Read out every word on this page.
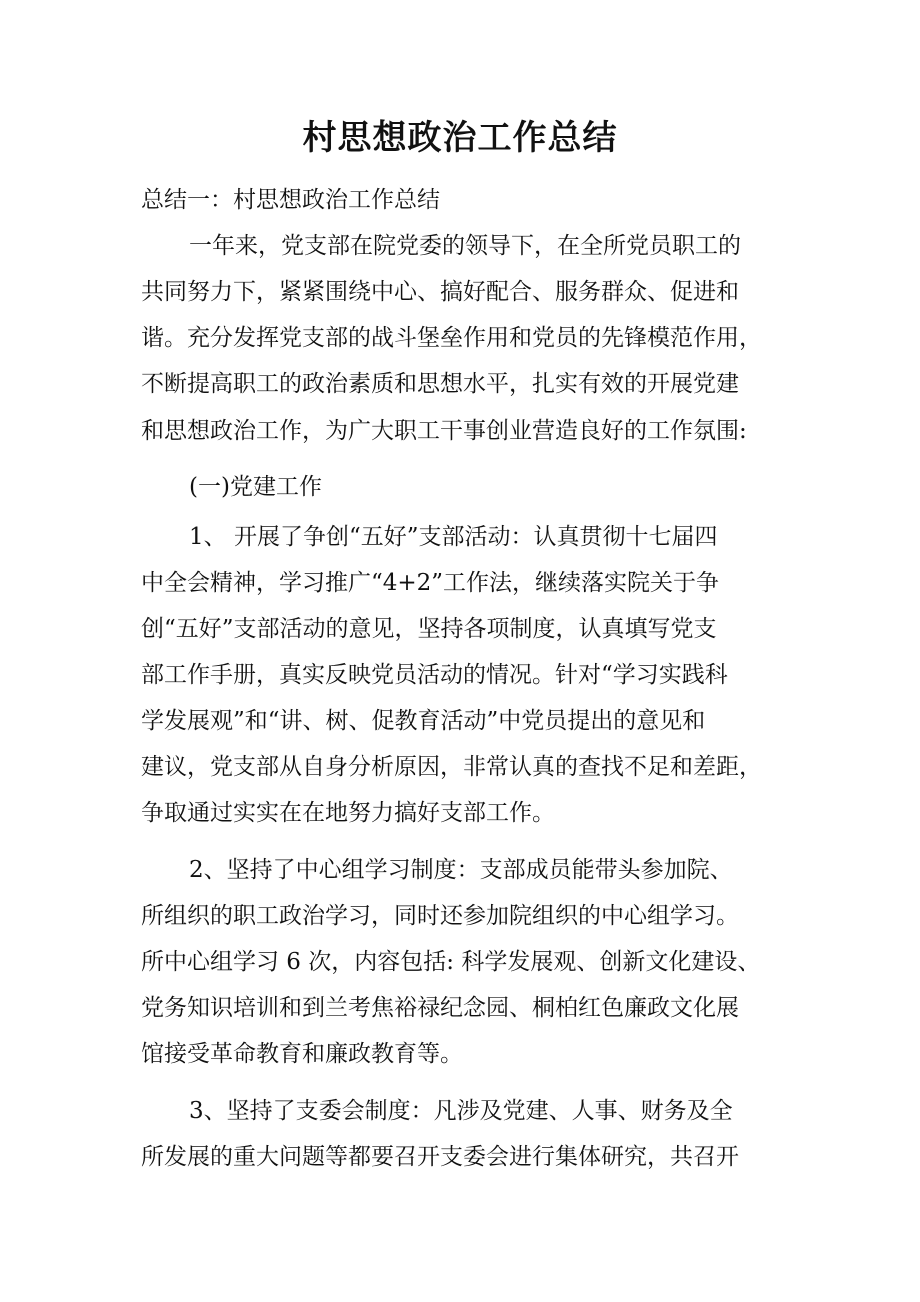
村思想政治工作总结
总结一：村思想政治工作总结
一年来，党支部在院党委的领导下，在全所党员职工的
共同努力下，紧紧围绕中心、搞好配合、服务群众、促进和
谐。充分发挥党支部的战斗堡垒作用和党员的先锋模范作用，
不断提高职工的政治素质和思想水平，扎实有效的开展党建
和思想政治工作，为广大职工干事创业营造良好的工作氛围:
(一)党建工作
1、 开展了争创“五好”支部活动：认真贯彻十七届四
中全会精神，学习推广“4+2”工作法，继续落实院关于争
创“五好”支部活动的意见，坚持各项制度，认真填写党支
部工作手册，真实反映党员活动的情况。针对“学习实践科
学发展观”和“讲、树、促教育活动”中党员提出的意见和
建议，党支部从自身分析原因，非常认真的查找不足和差距，
争取通过实实在在地努力搞好支部工作。
2、坚持了中心组学习制度：支部成员能带头参加院、
所组织的职工政治学习，同时还参加院组织的中心组学习。
所中心组学习 6 次，内容包括: 科学发展观、创新文化建设、
党务知识培训和到兰考焦裕禄纪念园、桐柏红色廉政文化展
馆接受革命教育和廉政教育等。
3、坚持了支委会制度：凡涉及党建、人事、财务及全
所发展的重大问题等都要召开支委会进行集体研究，共召开
